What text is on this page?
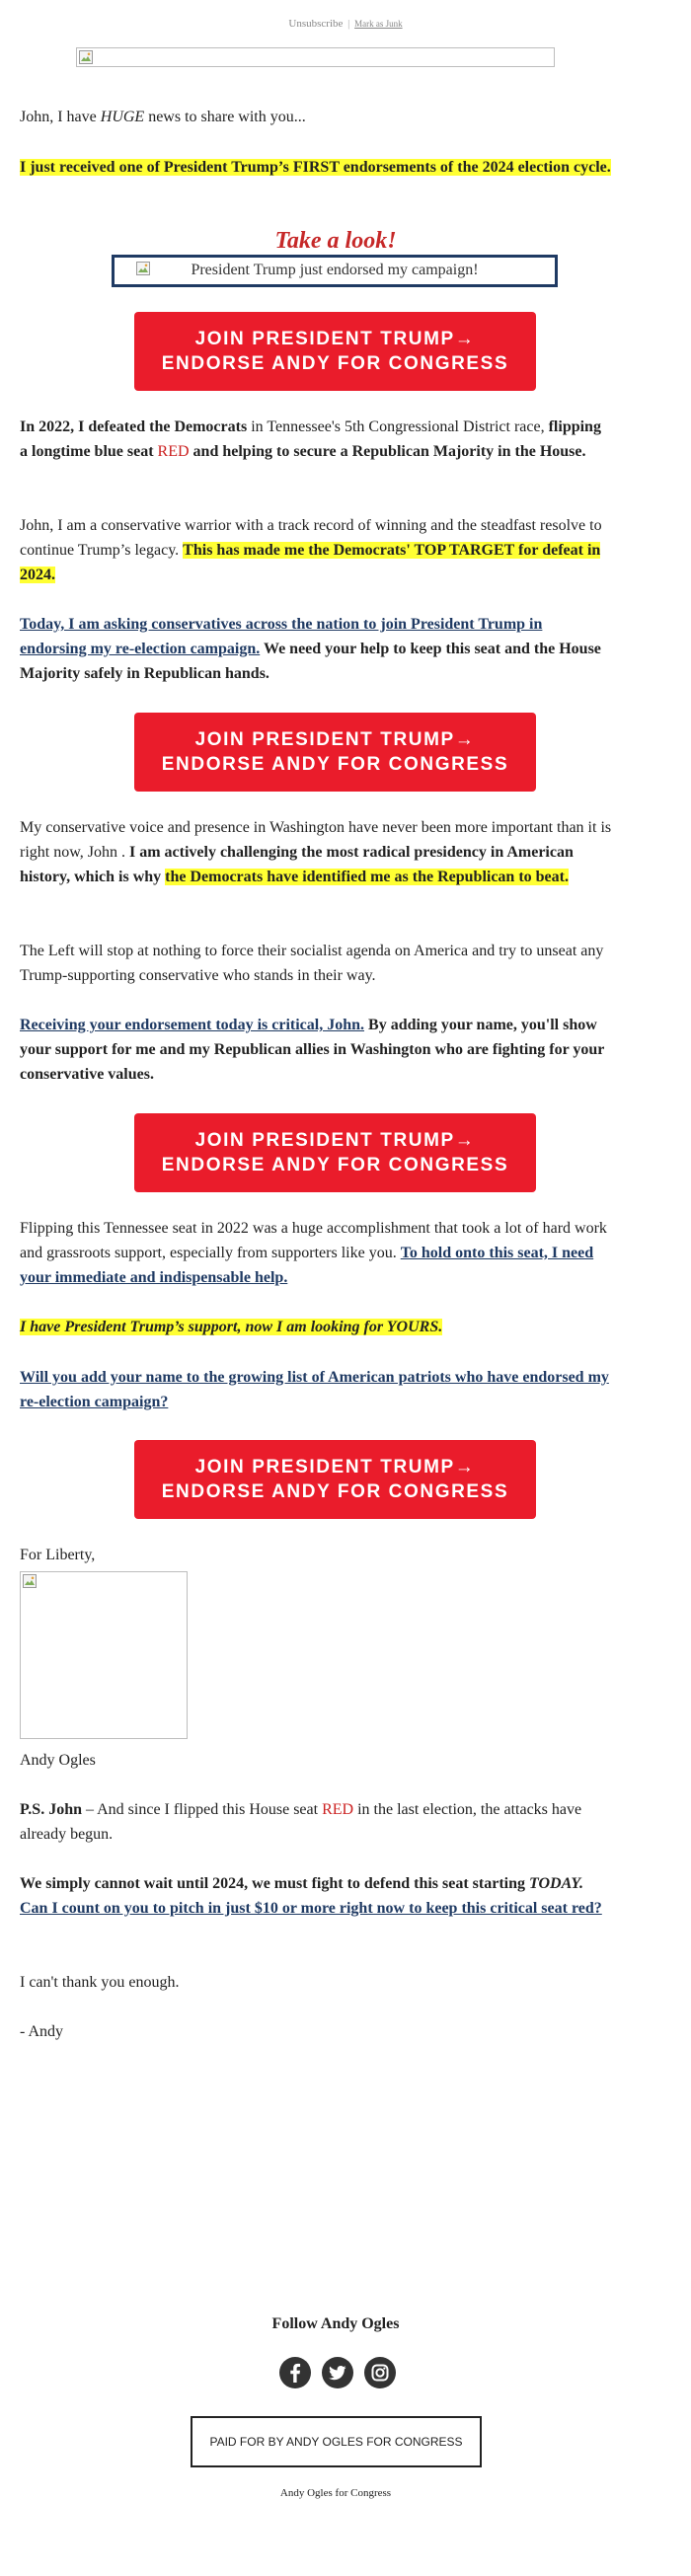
Unsubscribe | Mark as Junk

John, I have HUGE news to share with you...

I just received one of President Trump’s FIRST endorsements of the 2024 election cycle.

Take a look!
President Trump just endorsed my campaign!
JOIN PRESIDENT TRUMP→
ENDORSE ANDY FOR CONGRESS

In 2022, I defeated the Democrats in Tennessee's 5th Congressional District race, flipping a longtime blue seat RED and helping to secure a Republican Majority in the House.

John, I am a conservative warrior with a track record of winning and the steadfast resolve to continue Trump’s legacy. This has made me the Democrats' TOP TARGET for defeat in 2024.

Today, I am asking conservatives across the nation to join President Trump in endorsing my re-election campaign. We need your help to keep this seat and the House Majority safely in Republican hands.

JOIN PRESIDENT TRUMP→
ENDORSE ANDY FOR CONGRESS

My conservative voice and presence in Washington have never been more important than it is right now, John . I am actively challenging the most radical presidency in American history, which is why the Democrats have identified me as the Republican to beat.

The Left will stop at nothing to force their socialist agenda on America and try to unseat any Trump-supporting conservative who stands in their way.

Receiving your endorsement today is critical, John. By adding your name, you'll show your support for me and my Republican allies in Washington who are fighting for your conservative values.

JOIN PRESIDENT TRUMP→
ENDORSE ANDY FOR CONGRESS

Flipping this Tennessee seat in 2022 was a huge accomplishment that took a lot of hard work and grassroots support, especially from supporters like you. To hold onto this seat, I need your immediate and indispensable help.

I have President Trump’s support, now I am looking for YOURS.

Will you add your name to the growing list of American patriots who have endorsed my re-election campaign?

JOIN PRESIDENT TRUMP→
ENDORSE ANDY FOR CONGRESS

For Liberty,

Andy Ogles

P.S. John – And since I flipped this House seat RED in the last election, the attacks have already begun.

We simply cannot wait until 2024, we must fight to defend this seat starting TODAY. Can I count on you to pitch in just $10 or more right now to keep this critical seat red?

I can't thank you enough.

- Andy

Follow Andy Ogles
PAID FOR BY ANDY OGLES FOR CONGRESS
Andy Ogles for Congress
